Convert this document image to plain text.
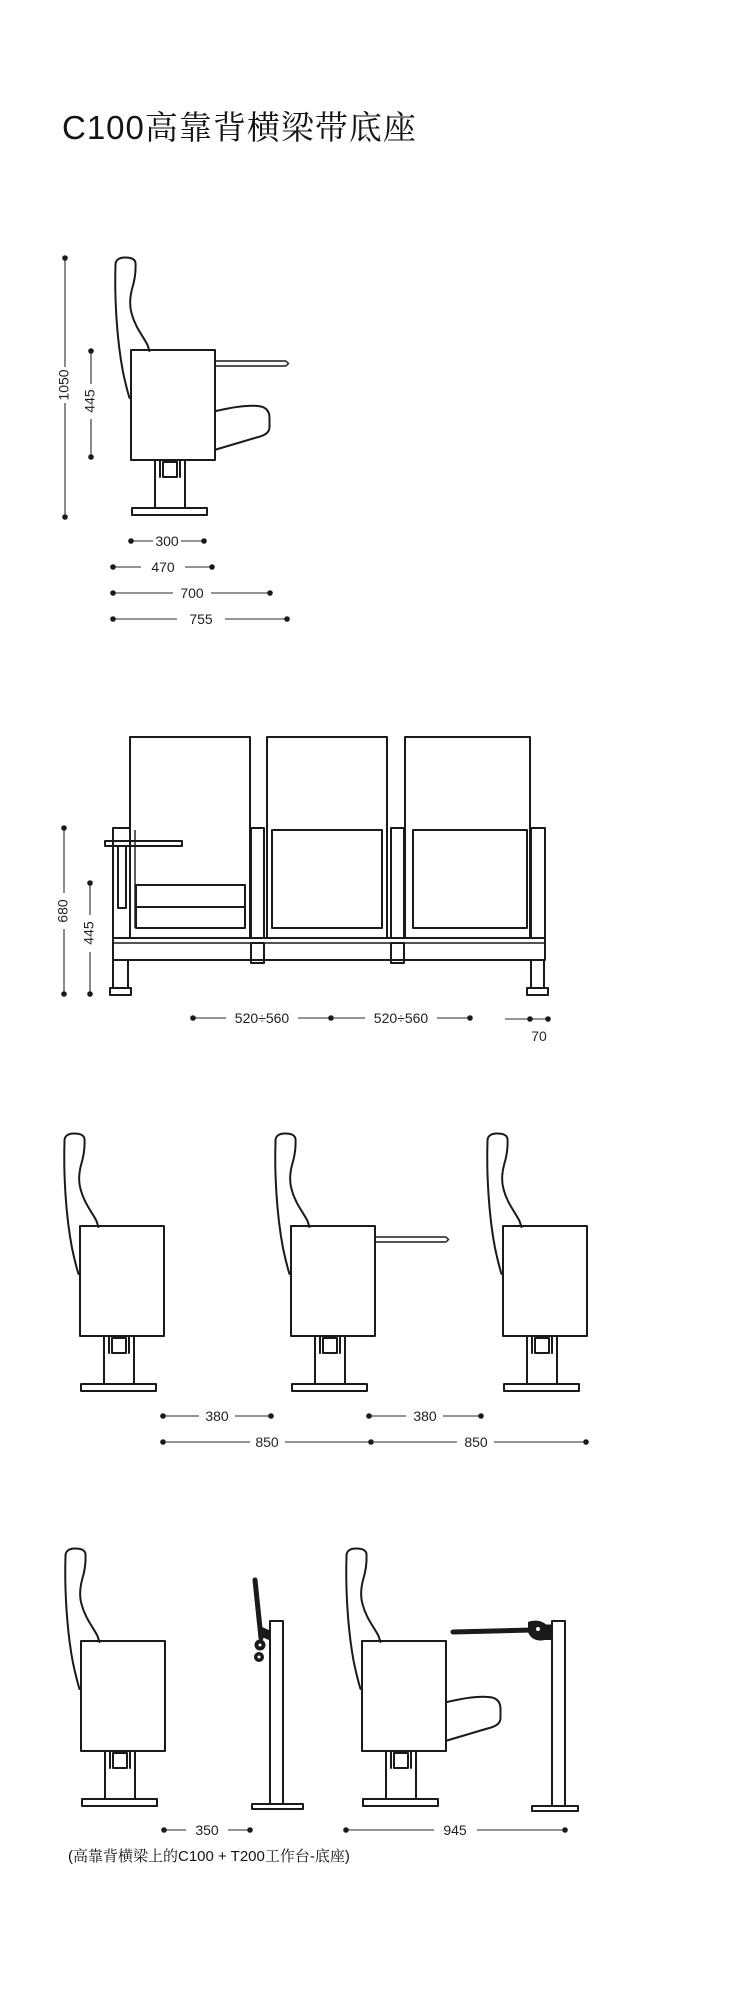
C100高靠背横梁带底座
1050
445
300
470
700
755
680
445
520÷560	520÷560
70
380	380
850	850
350	945
(高靠背横梁上的C100 + T200工作台-底座)
